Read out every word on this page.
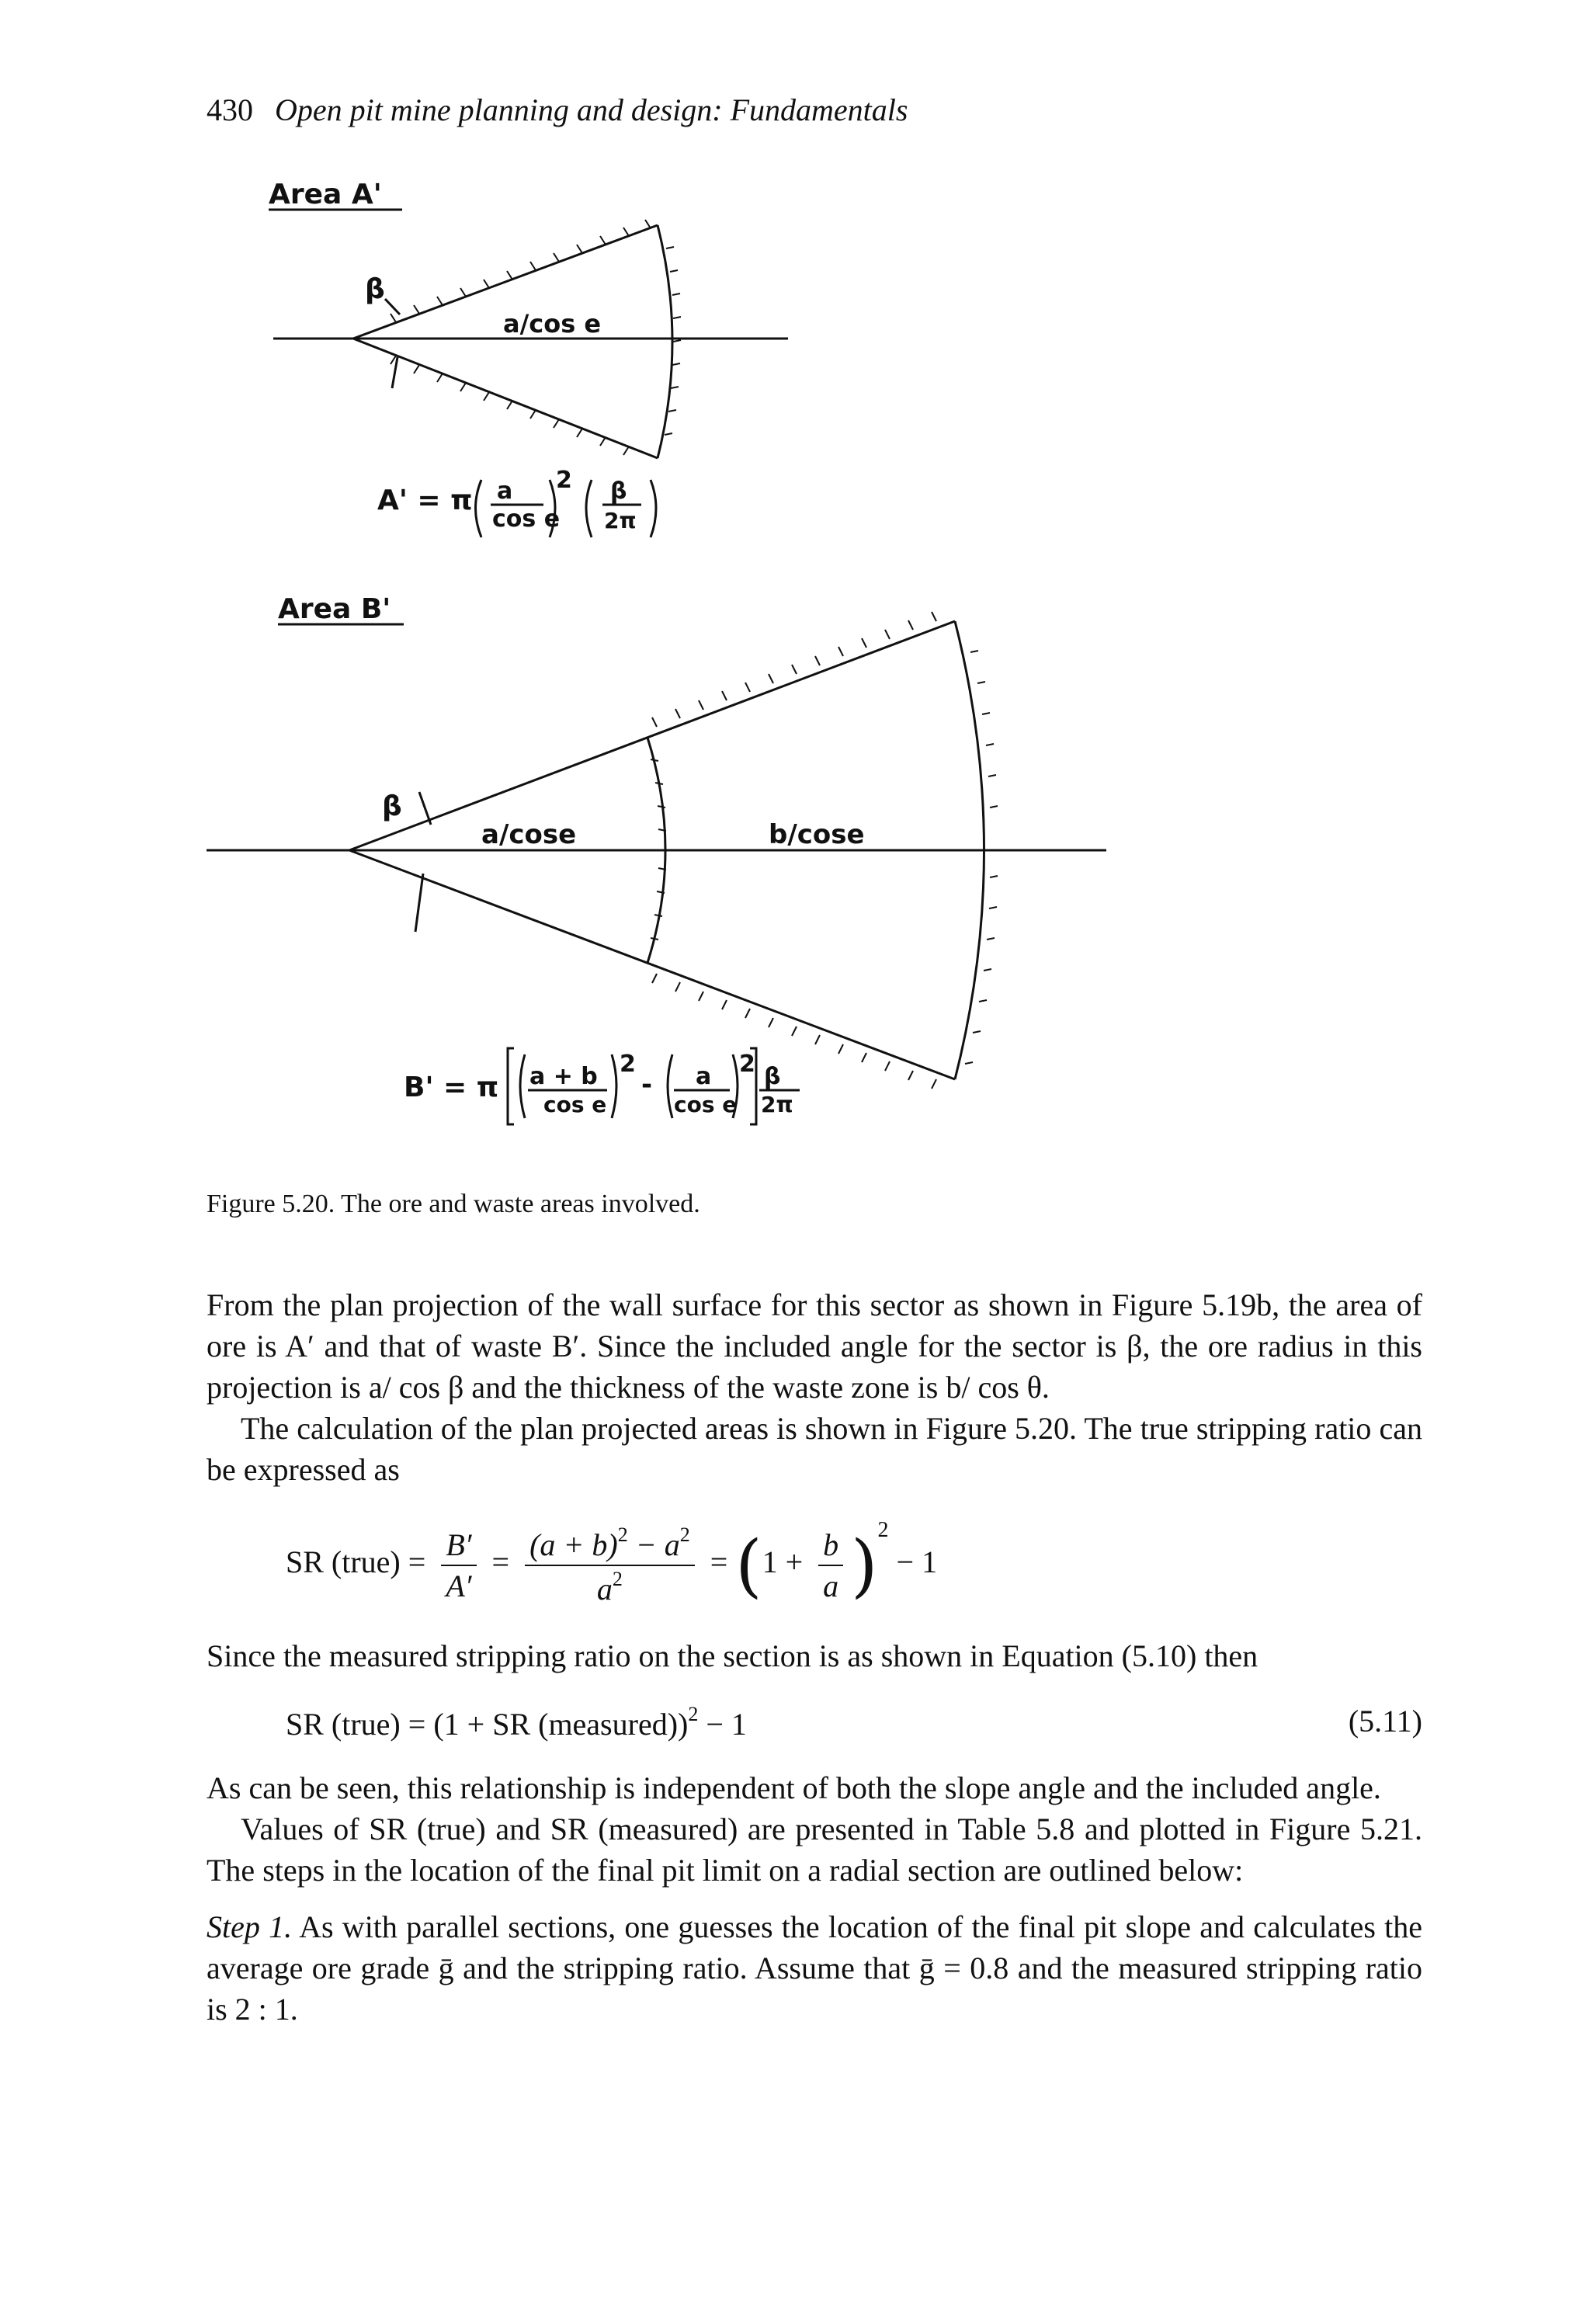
430 Open pit mine planning and design: Fundamentals
Area A'
β
a/cos e
A' = π a
cos e
2 β
2π
Area B'
β
a/cose	b/cose
B' = π a + b
cos e
2
- a
cos e
2 β
2π
Figure 5.20. The ore and waste areas involved.

From the plan projection of the wall surface for this sector as shown in Figure 5.19b, the area of ore is A′ and that of waste B′. Since the included angle for the sector is β, the ore radius in this projection is a/ cos β and the thickness of the waste zone is b/ cos θ.

The calculation of the plan projected areas is shown in Figure 5.20. The true stripping ratio can be expressed as

SR (true) = $\frac{B'}{A'} = \frac{(a + b)^2 - a^2}{a^2} = (1 + \frac{b}{a} )^2 - 1$

Since the measured stripping ratio on the section is as shown in Equation (5.10) then

SR (true) = (1 + SR (measured))$^2$ − 1	(5.11)

As can be seen, this relationship is independent of both the slope angle and the included angle.

Values of SR (true) and SR (measured) are presented in Table 5.8 and plotted in Figure 5.21. The steps in the location of the final pit limit on a radial section are outlined below:

Step 1. As with parallel sections, one guesses the location of the final pit slope and calculates the average ore grade ḡ and the stripping ratio. Assume that ḡ = 0.8 and the measured stripping ratio is 2 : 1.
